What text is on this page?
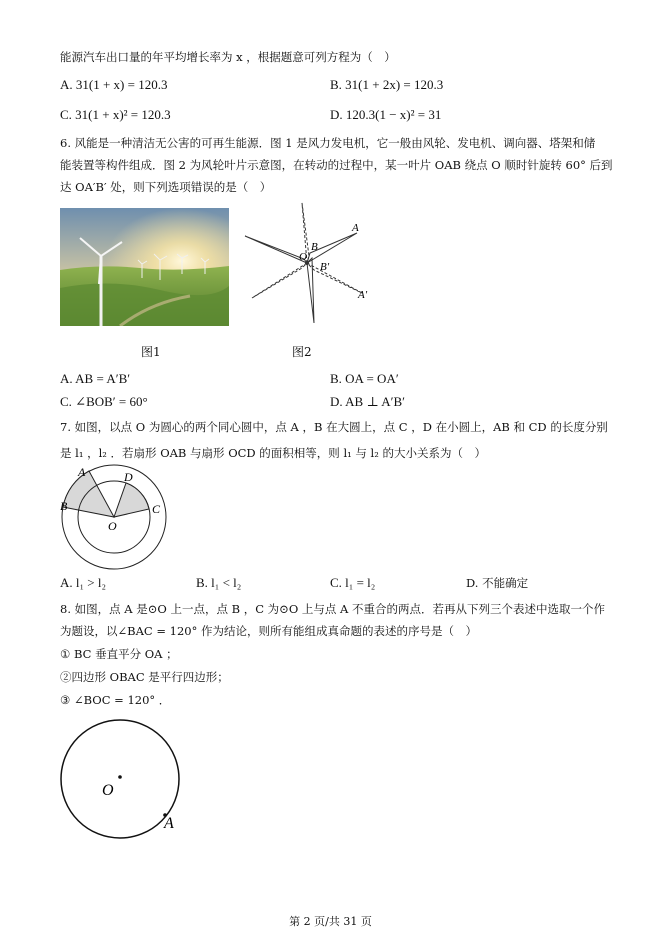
能源汽车出口量的年平均增长率为 x ，根据题意可列方程为（　）
A. 31(1 + x) = 120.3	B. 31(1 + 2x) = 120.3
C. 31(1 + x)² = 120.3	D. 120.3(1 − x)² = 31
6. 风能是一种清洁无公害的可再生能源．图 1 是风力发电机，它一般由风轮、发电机、调向器、塔架和储
能装置等构件组成．图 2 为风轮叶片示意图，在转动的过程中，某一叶片 OAB 绕点 O 顺时针旋转 60° 后到
达 OA′B′ 处，则下列选项错误的是（　）
图1
O
B
A
B′
A′
图2
A. AB = A′B′	B. OA = OA′
C. ∠BOB′ = 60°	D. AB ⊥ A′B′
7. 如图，以点 O 为圆心的两个同心圆中，点 A ，B 在大圆上，点 C ，D 在小圆上，AB 和 CD 的长度分别
是 l₁ ，l₂ ．若扇形 OAB 与扇形 OCD 的面积相等，则 l₁ 与 l₂ 的大小关系为（　）
A
B
D
C
O
A. l₁ > l₂	B. l₁ < l₂	C. l₁ = l₂	D. 不能确定
8. 如图，点 A 是⊙O 上一点，点 B ，C 为⊙O 上与点 A 不重合的两点．若再从下列三个表述中选取一个作
为题设，以∠BAC = 120° 作为结论，则所有能组成真命题的表述的序号是（　）
① BC 垂直平分 OA ；
②四边形 OBAC 是平行四边形；
③ ∠BOC = 120° ．
O
A
第 2 页/共 31 页
